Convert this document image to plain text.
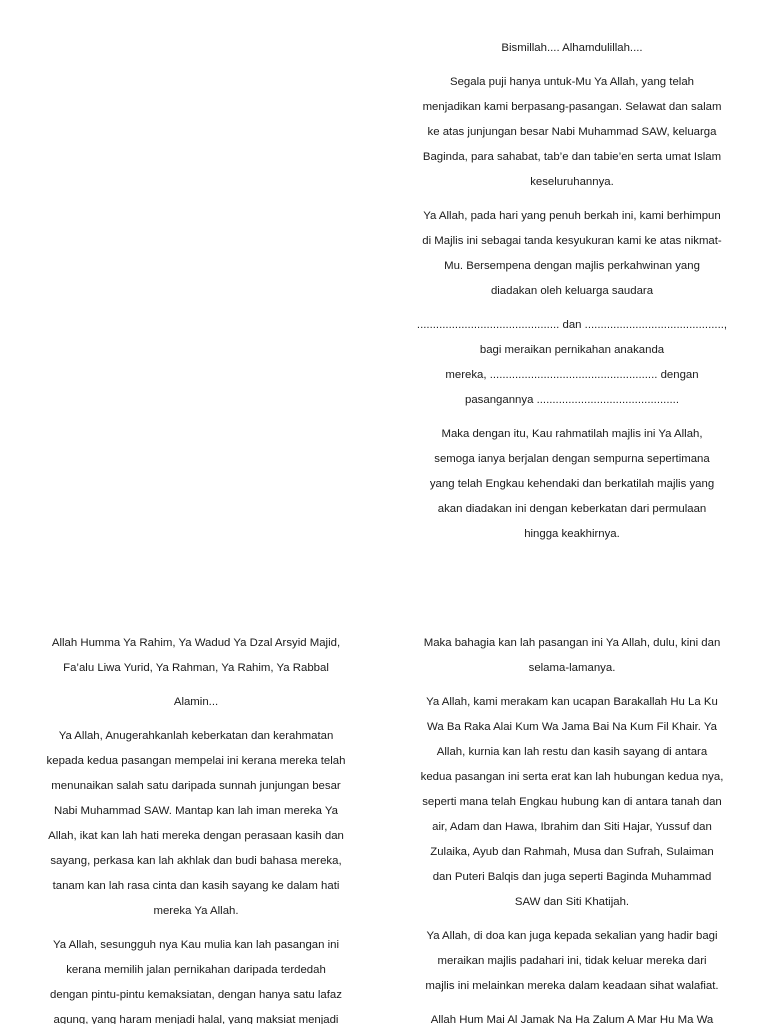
Bismillah.... Alhamdulillah....
Segala puji hanya untuk-Mu Ya Allah, yang telah
menjadikan kami berpasang-pasangan. Selawat dan salam
ke atas junjungan besar Nabi Muhammad SAW, keluarga
Baginda, para sahabat, tab’e dan tabie’en serta umat Islam
keseluruhannya.
Ya Allah, pada hari yang penuh berkah ini, kami berhimpun
di Majlis ini sebagai tanda kesyukuran kami ke atas nikmat-
Mu. Bersempena dengan majlis perkahwinan yang
diadakan oleh keluarga saudara
............................................. dan ............................................,
bagi meraikan pernikahan anakanda
mereka, ..................................................... dengan
pasangannya .............................................
Maka dengan itu, Kau rahmatilah majlis ini Ya Allah,
semoga ianya berjalan dengan sempurna sepertimana
yang telah Engkau kehendaki dan berkatilah majlis yang
akan diadakan ini dengan keberkatan dari permulaan
hingga keakhirnya.
Allah Humma Ya Rahim, Ya Wadud Ya Dzal Arsyid Majid,
Fa’alu Liwa Yurid, Ya Rahman, Ya Rahim, Ya Rabbal
Alamin...
Ya Allah, Anugerahkanlah keberkatan dan kerahmatan
kepada kedua pasangan mempelai ini kerana mereka telah
menunaikan salah satu daripada sunnah junjungan besar
Nabi Muhammad SAW. Mantap kan lah iman mereka Ya
Allah, ikat kan lah hati mereka dengan perasaan kasih dan
sayang, perkasa kan lah akhlak dan budi bahasa mereka,
tanam kan lah rasa cinta dan kasih sayang ke dalam hati
mereka Ya Allah.
Ya Allah, sesungguh nya Kau mulia kan lah pasangan ini
kerana memilih jalan pernikahan daripada terdedah
dengan pintu-pintu kemaksiatan, dengan hanya satu lafaz
agung, yang haram menjadi halal, yang maksiat menjadi
Maka bahagia kan lah pasangan ini Ya Allah, dulu, kini dan
selama-lamanya.
Ya Allah, kami merakam kan ucapan Barakallah Hu La Ku
Wa Ba Raka Alai Kum Wa Jama Bai Na Kum Fil Khair. Ya
Allah, kurnia kan lah restu dan kasih sayang di antara
kedua pasangan ini serta erat kan lah hubungan kedua nya,
seperti mana telah Engkau hubung kan di antara tanah dan
air, Adam dan Hawa, Ibrahim dan Siti Hajar, Yussuf dan
Zulaika, Ayub dan Rahmah, Musa dan Sufrah, Sulaiman
dan Puteri Balqis dan juga seperti Baginda Muhammad
SAW dan Siti Khatijah.
Ya Allah, di doa kan juga kepada sekalian yang hadir bagi
meraikan majlis padahari ini, tidak keluar mereka dari
majlis ini melainkan mereka dalam keadaan sihat walafiat.
Allah Hum Mai Al Jamak Na Ha Zalum A Mar Hu Ma Wa
